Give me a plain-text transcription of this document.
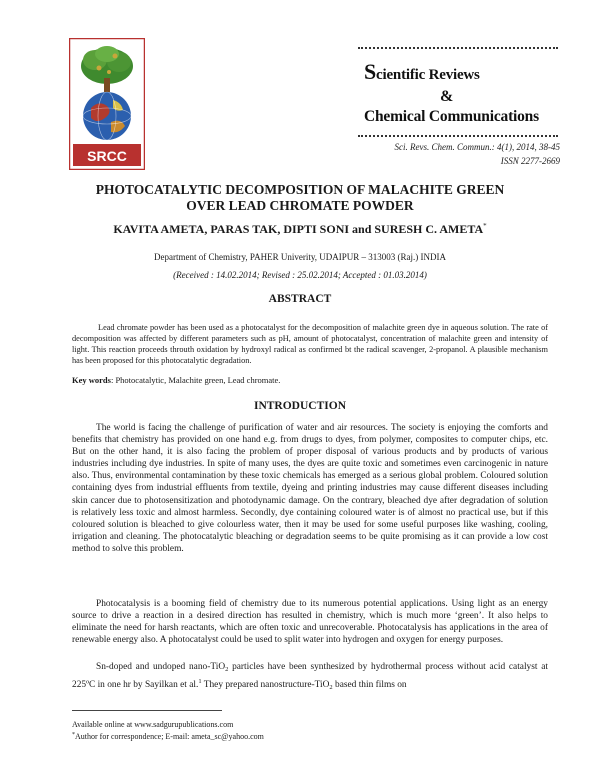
SRCC
Scientific Reviews
&
Chemical Communications
Sci. Revs. Chem. Commun.: 4(1), 2014, 38-45
ISSN 2277-2669
PHOTOCATALYTIC DECOMPOSITION OF MALACHITE GREEN
OVER LEAD CHROMATE POWDER
KAVITA AMETA, PARAS TAK, DIPTI SONI and SURESH C. AMETA*
Department of Chemistry, PAHER Univerity, UDAIPUR – 313003 (Raj.) INDIA
(Received : 14.02.2014; Revised : 25.02.2014; Accepted : 01.03.2014)
ABSTRACT

Lead chromate powder has been used as a photocatalyst for the decomposition of malachite green dye in aqueous solution. The rate of decomposition was affected by different parameters such as pH, amount of photocatalyst, concentration of malachite green and intensity of light. This reaction proceeds throuth oxidation by hydroxyl radical as confirmed bt the radical scavenger, 2-propanol. A plausible mechanism has been proposed for this photocatalytic degradation.

Key words: Photocatalytic, Malachite green, Lead chromate.

INTRODUCTION

The world is facing the challenge of purification of water and air resources. The society is enjoying the comforts and benefits that chemistry has provided on one hand e.g. from drugs to dyes, from polymer, composites to computer chips, etc. But on the other hand, it is also facing the problem of proper disposal of various products and by products of various industries including dye industries. In spite of many uses, the dyes are quite toxic and sometimes even carcinogenic in nature also. Thus, environmental contamination by these toxic chemicals has emerged as a serious global problem. Coloured solution containing dyes from industrial effluents from textile, dyeing and printing industries may cause different diseases including skin cancer due to photosensitization and photodynamic damage. On the contrary, bleached dye after degradation of solution is relatively less toxic and almost harmless. Secondly, dye containing coloured water is of almost no practical use, but if this coloured solution is bleached to give colourless water, then it may be used for some useful purposes like washing, cooling, irrigation and cleaning. The photocatalytic bleaching or degradation seems to be quite promising as it can provide a low cost method to solve this problem.

Photocatalysis is a booming field of chemistry due to its numerous potential applications. Using light as an energy source to drive a reaction in a desired direction has resulted in chemistry, which is much more ‘green’. It also helps to eliminate the need for harsh reactants, which are often toxic and unrecoverable. Photocatalysis has applications in the area of renewable energy also. A photocatalyst could be used to split water into hydrogen and oxygen for energy purposes.

Sn-doped and undoped nano-TiO$_2$ particles have been synthesized by hydrothermal process without acid catalyst at 225ºC in one hr by Sayilkan et al.$^1$ They prepared nanostructure-TiO$_2$ based thin films on

Available online at www.sadgurupublications.com
*Author for correspondence; E-mail: ameta_sc@yahoo.com
